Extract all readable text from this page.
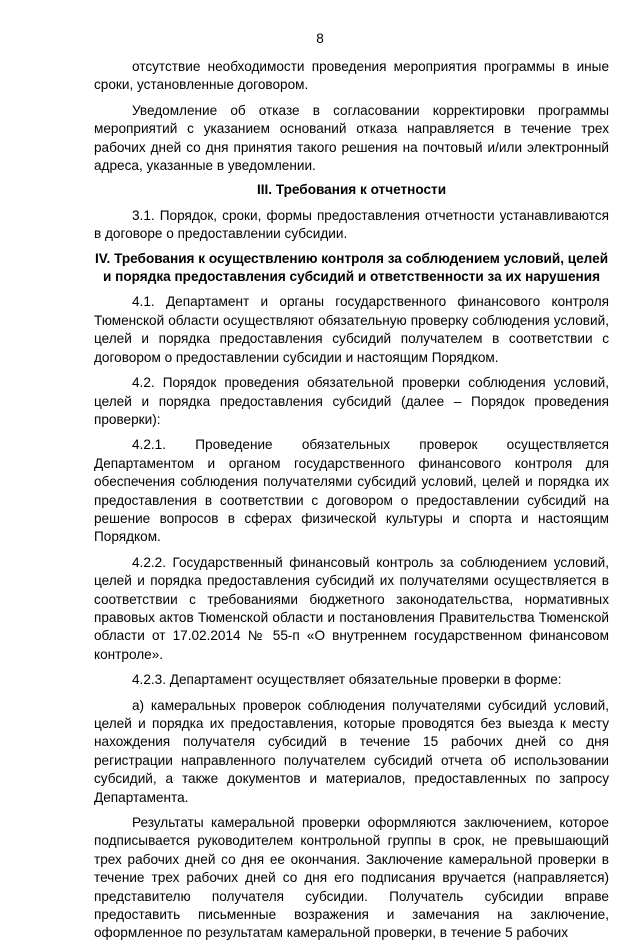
8

отсутствие необходимости проведения мероприятия программы в иные сроки, установленные договором.

Уведомление об отказе в согласовании корректировки программы мероприятий с указанием оснований отказа направляется в течение трех рабочих дней со дня принятия такого решения на почтовый и/или электронный адреса, указанные в уведомлении.

III. Требования к отчетности

3.1. Порядок, сроки, формы предоставления отчетности устанавливаются в договоре о предоставлении субсидии.

IV. Требования к осуществлению контроля за соблюдением условий, целей и порядка предоставления субсидий и ответственности за их нарушения

4.1. Департамент и органы государственного финансового контроля Тюменской области осуществляют обязательную проверку соблюдения условий, целей и порядка предоставления субсидий получателем в соответствии с договором о предоставлении субсидии и настоящим Порядком.

4.2. Порядок проведения обязательной проверки соблюдения условий, целей и порядка предоставления субсидий (далее – Порядок проведения проверки):

4.2.1. Проведение обязательных проверок осуществляется Департаментом и органом государственного финансового контроля для обеспечения соблюдения получателями субсидий условий, целей и порядка их предоставления в соответствии с договором о предоставлении субсидий на решение вопросов в сферах физической культуры и спорта и настоящим Порядком.

4.2.2. Государственный финансовый контроль за соблюдением условий, целей и порядка предоставления субсидий их получателями осуществляется в соответствии с требованиями бюджетного законодательства, нормативных правовых актов Тюменской области и постановления Правительства Тюменской области от 17.02.2014 № 55-п «О внутреннем государственном финансовом контроле».

4.2.3. Департамент осуществляет обязательные проверки в форме:

а) камеральных проверок соблюдения получателями субсидий условий, целей и порядка их предоставления, которые проводятся без выезда к месту нахождения получателя субсидий в течение 15 рабочих дней со дня регистрации направленного получателем субсидий отчета об использовании субсидий, а также документов и материалов, предоставленных по запросу Департамента.

Результаты камеральной проверки оформляются заключением, которое подписывается руководителем контрольной группы в срок, не превышающий трех рабочих дней со дня ее окончания. Заключение камеральной проверки в течение трех рабочих дней со дня его подписания вручается (направляется) представителю получателя субсидии. Получатель субсидии вправе предоставить письменные возражения и замечания на заключение, оформленное по результатам камеральной проверки, в течение 5 рабочих
